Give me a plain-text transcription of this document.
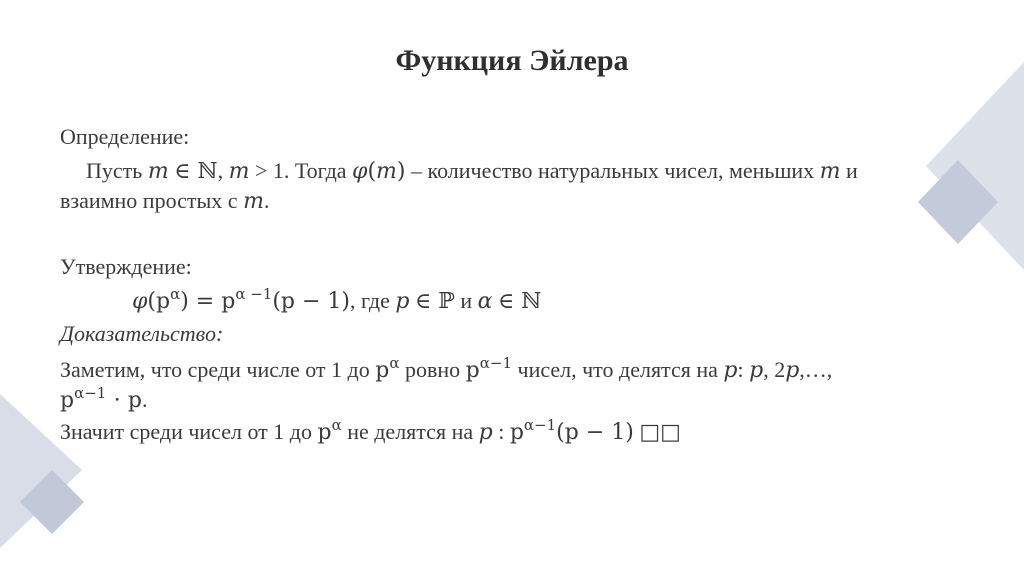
Функция Эйлера
Определение:
Пусть m ∈ ℕ, m > 1. Тогда φ(m) – количество натуральных чисел, меньших m и
взаимно простых с m.
Утверждение:
$\varphi(p^\alpha) = p^{\alpha -1}(p - 1)$, где p ∈ ℙ и α ∈ ℕ
Доказательство:
Заметим, что среди числе от 1 до $p^\alpha$ ровно $p^{\alpha-1}$ чисел, что делятся на p: p, 2p,…,
$p^{\alpha-1} \cdot p$.
Значит среди чисел от 1 до $p^\alpha$ не делятся на p : $p^{\alpha-1}(p - 1)$ □□
